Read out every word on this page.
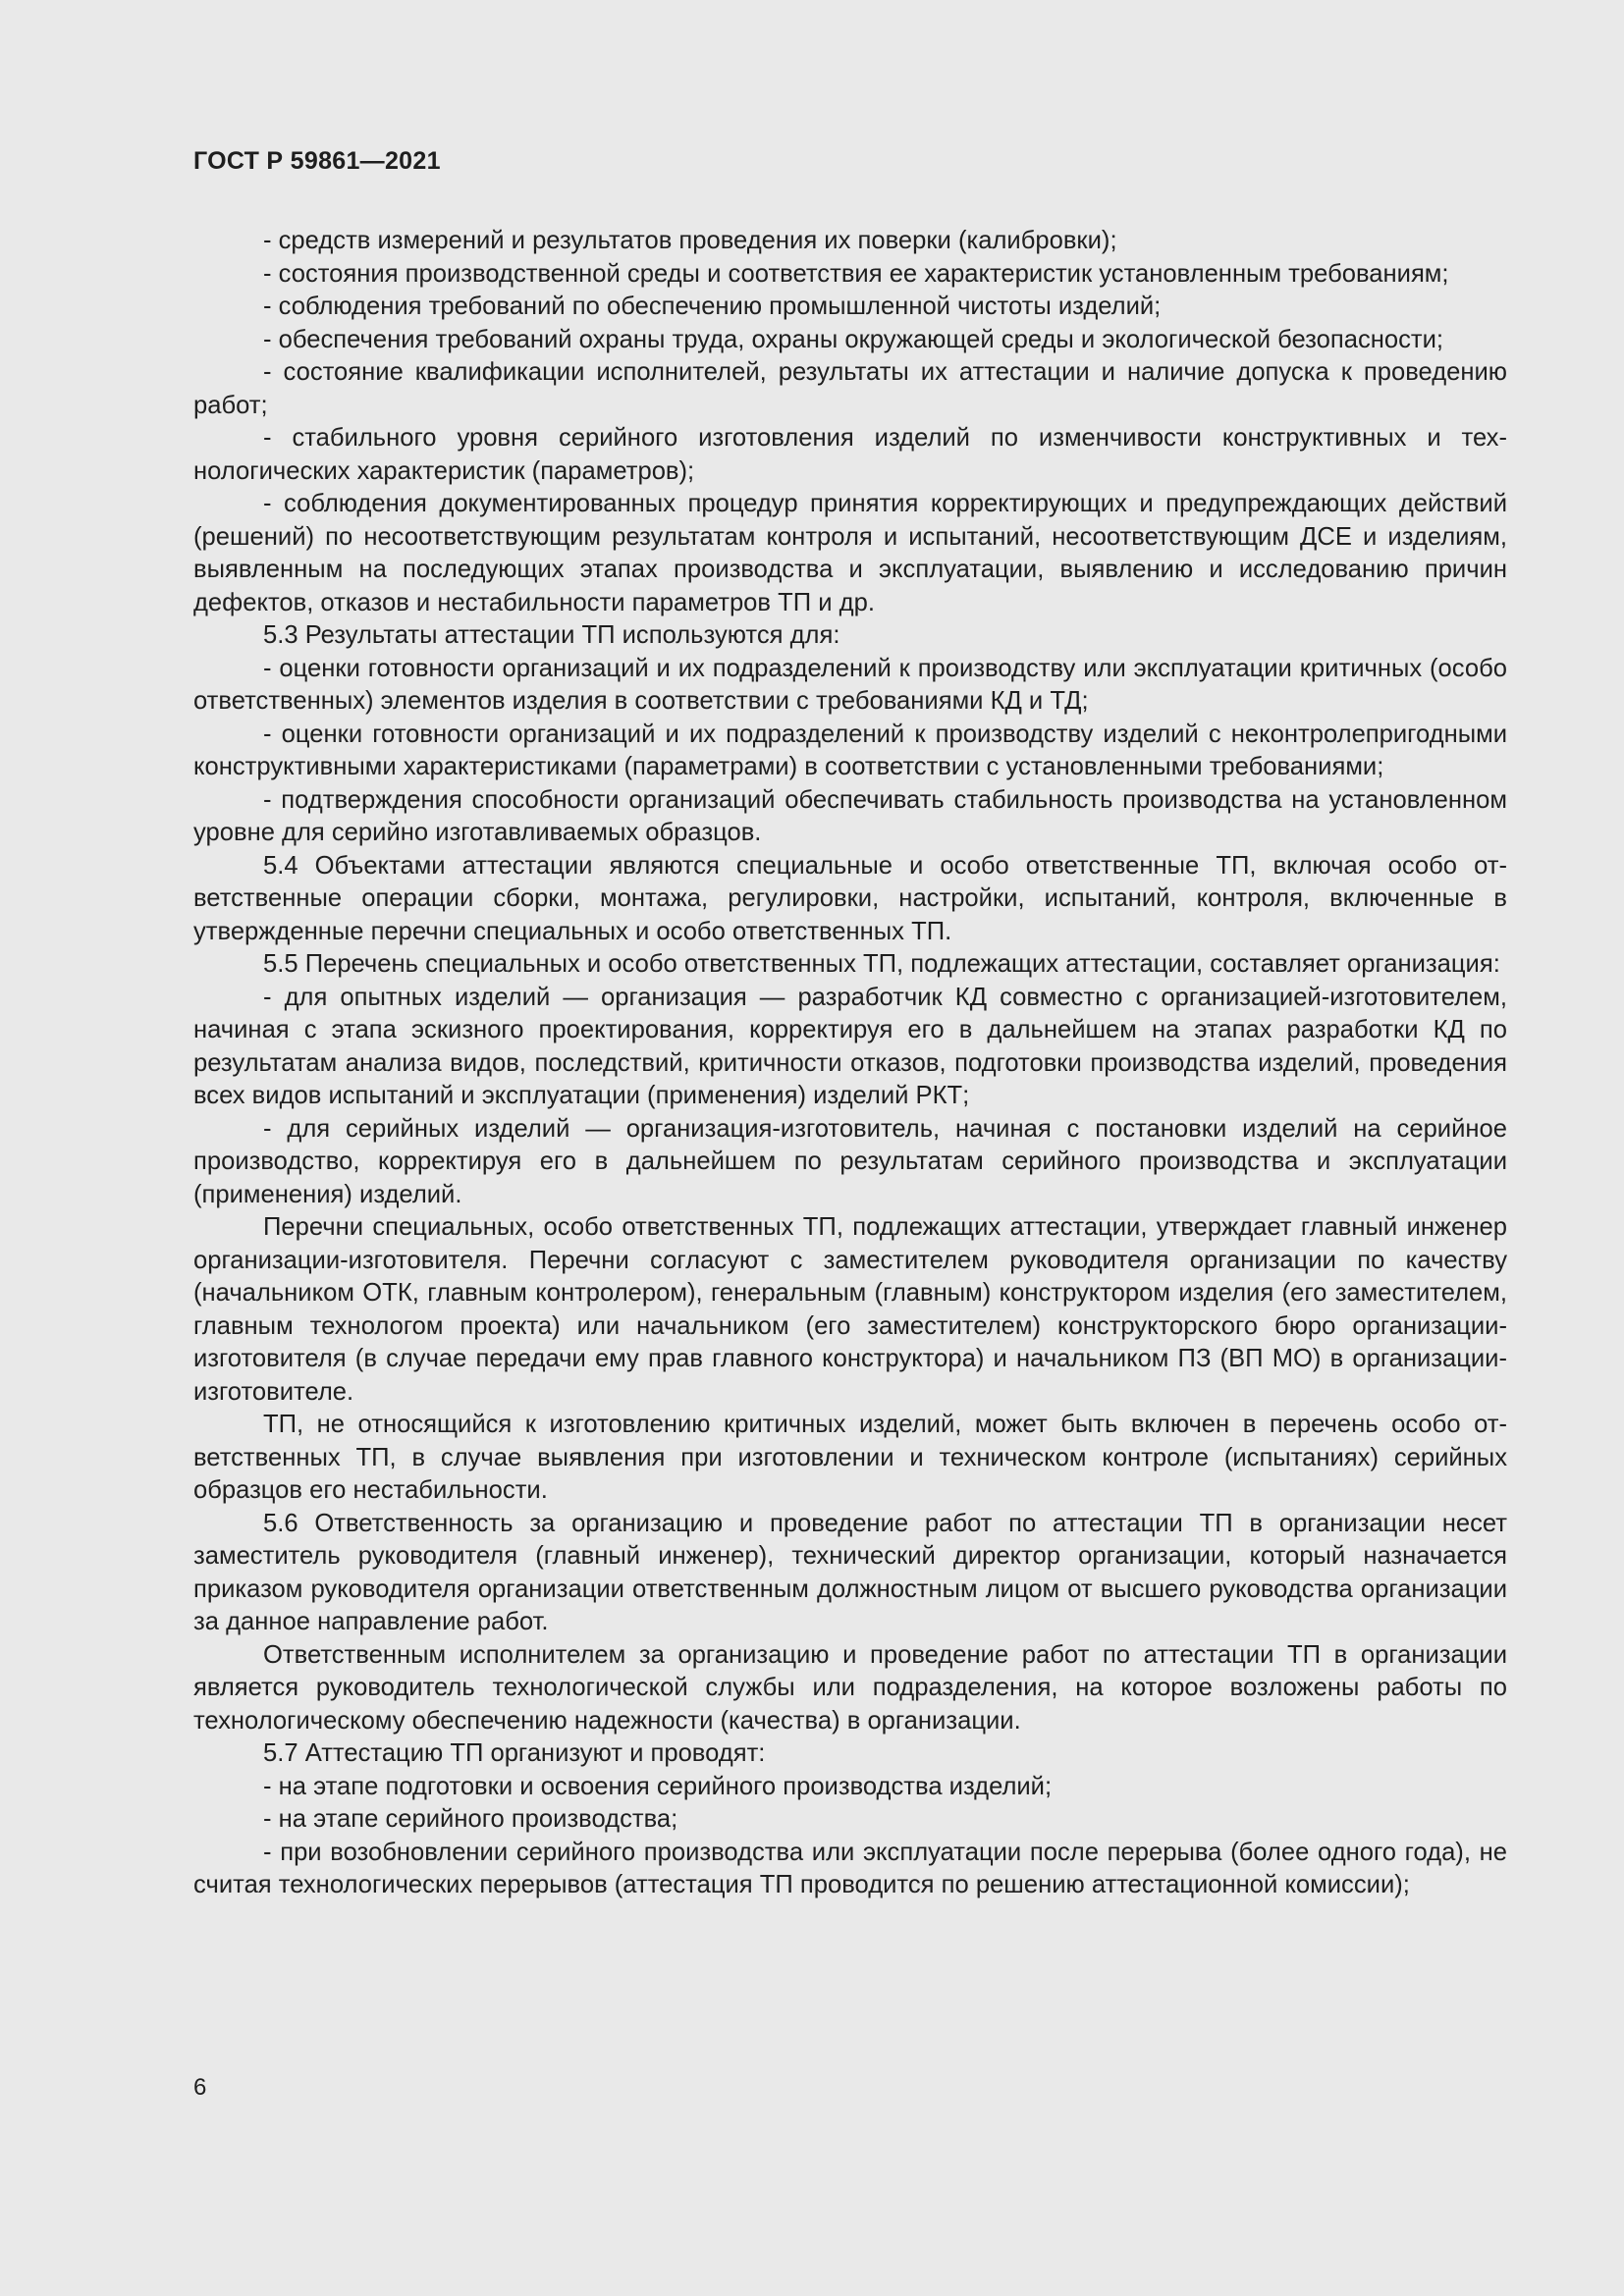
ГОСТ Р 59861—2021

- средств измерений и результатов проведения их поверки (калибровки);

- состояния производственной среды и соответствия ее характеристик установленным требованиям;

- соблюдения требований по обеспечению промышленной чистоты изделий;

- обеспечения требований охраны труда, охраны окружающей среды и экологической безопасности;

- состояние квалификации исполнителей, результаты их аттестации и наличие допуска к проведению работ;

- стабильного уровня серийного изготовления изделий по изменчивости конструктивных и технологических характеристик (параметров);

- соблюдения документированных процедур принятия корректирующих и предупреждающих действий (решений) по несоответствующим результатам контроля и испытаний, несоответствующим ДСЕ и изделиям, выявленным на последующих этапах производства и эксплуатации, выявлению и исследованию причин дефектов, отказов и нестабильности параметров ТП и др.

5.3 Результаты аттестации ТП используются для:

- оценки готовности организаций и их подразделений к производству или эксплуатации критичных (особо ответственных) элементов изделия в соответствии с требованиями КД и ТД;

- оценки готовности организаций и их подразделений к производству изделий с неконтролепригодными конструктивными характеристиками (параметрами) в соответствии с установленными требованиями;

- подтверждения способности организаций обеспечивать стабильность производства на установленном уровне для серийно изготавливаемых образцов.

5.4 Объектами аттестации являются специальные и особо ответственные ТП, включая особо ответственные операции сборки, монтажа, регулировки, настройки, испытаний, контроля, включенные в утвержденные перечни специальных и особо ответственных ТП.

5.5 Перечень специальных и особо ответственных ТП, подлежащих аттестации, составляет организация:

- для опытных изделий — организация — разработчик КД совместно с организацией-изготовителем, начиная с этапа эскизного проектирования, корректируя его в дальнейшем на этапах разработки КД по результатам анализа видов, последствий, критичности отказов, подготовки производства изделий, проведения всех видов испытаний и эксплуатации (применения) изделий РКТ;

- для серийных изделий — организация-изготовитель, начиная с постановки изделий на серийное производство, корректируя его в дальнейшем по результатам серийного производства и эксплуатации (применения) изделий.

Перечни специальных, особо ответственных ТП, подлежащих аттестации, утверждает главный инженер организации-изготовителя. Перечни согласуют с заместителем руководителя организации по качеству (начальником ОТК, главным контролером), генеральным (главным) конструктором изделия (его заместителем, главным технологом проекта) или начальником (его заместителем) конструкторского бюро организации-изготовителя (в случае передачи ему прав главного конструктора) и начальником ПЗ (ВП МО) в организации-изготовителе.

ТП, не относящийся к изготовлению критичных изделий, может быть включен в перечень особо ответственных ТП, в случае выявления при изготовлении и техническом контроле (испытаниях) серийных образцов его нестабильности.

5.6 Ответственность за организацию и проведение работ по аттестации ТП в организации несет заместитель руководителя (главный инженер), технический директор организации, который назначается приказом руководителя организации ответственным должностным лицом от высшего руководства организации за данное направление работ.

Ответственным исполнителем за организацию и проведение работ по аттестации ТП в организации является руководитель технологической службы или подразделения, на которое возложены работы по технологическому обеспечению надежности (качества) в организации.

5.7 Аттестацию ТП организуют и проводят:

- на этапе подготовки и освоения серийного производства изделий;

- на этапе серийного производства;

- при возобновлении серийного производства или эксплуатации после перерыва (более одного года), не считая технологических перерывов (аттестация ТП проводится по решению аттестационной комиссии);

6
